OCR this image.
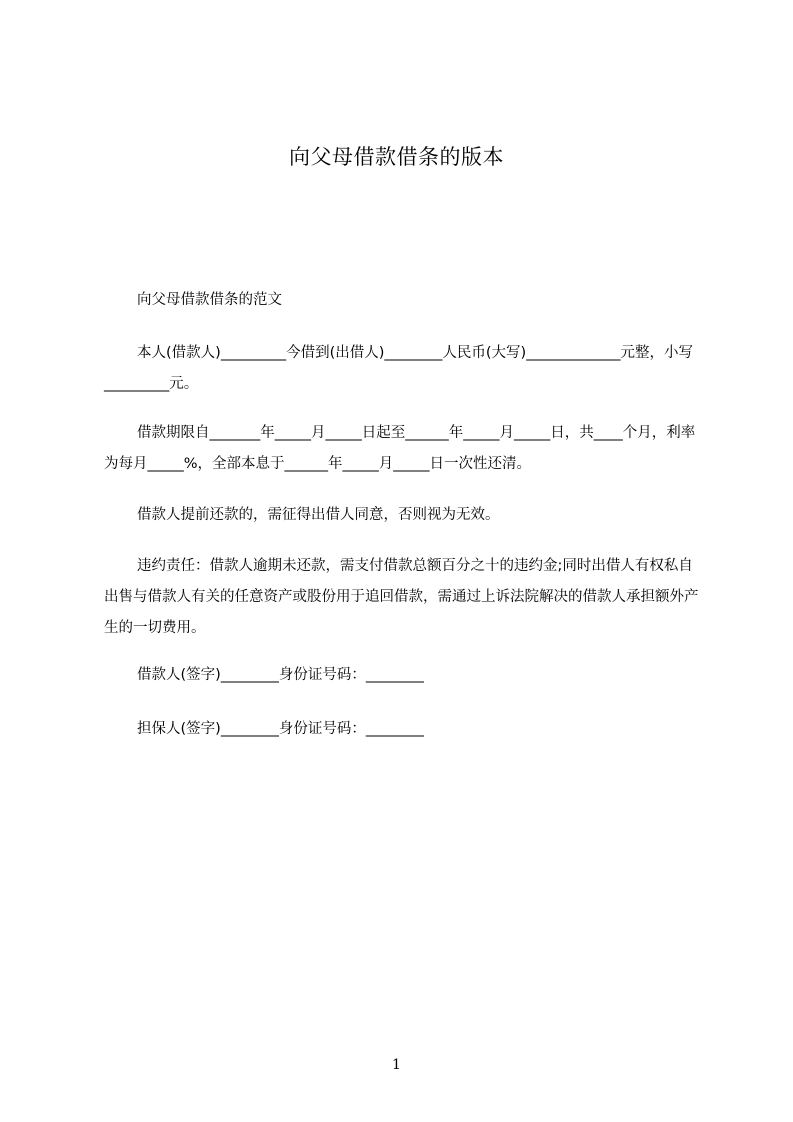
向父母借款借条的版本
向父母借款借条的范文
本人(借款人)_________今借到(出借人)________人民币(大写)_____________元整，小写_________元。
借款期限自_______年_____月_____日起至______年_____月_____日，共____个月，利率为每月_____%，全部本息于______年_____月_____日一次性还清。
借款人提前还款的，需征得出借人同意，否则视为无效。
违约责任：借款人逾期未还款，需支付借款总额百分之十的违约金;同时出借人有权私自出售与借款人有关的任意资产或股份用于追回借款，需通过上诉法院解决的借款人承担额外产生的一切费用。
借款人(签字)________身份证号码：________
担保人(签字)________身份证号码：________
1
